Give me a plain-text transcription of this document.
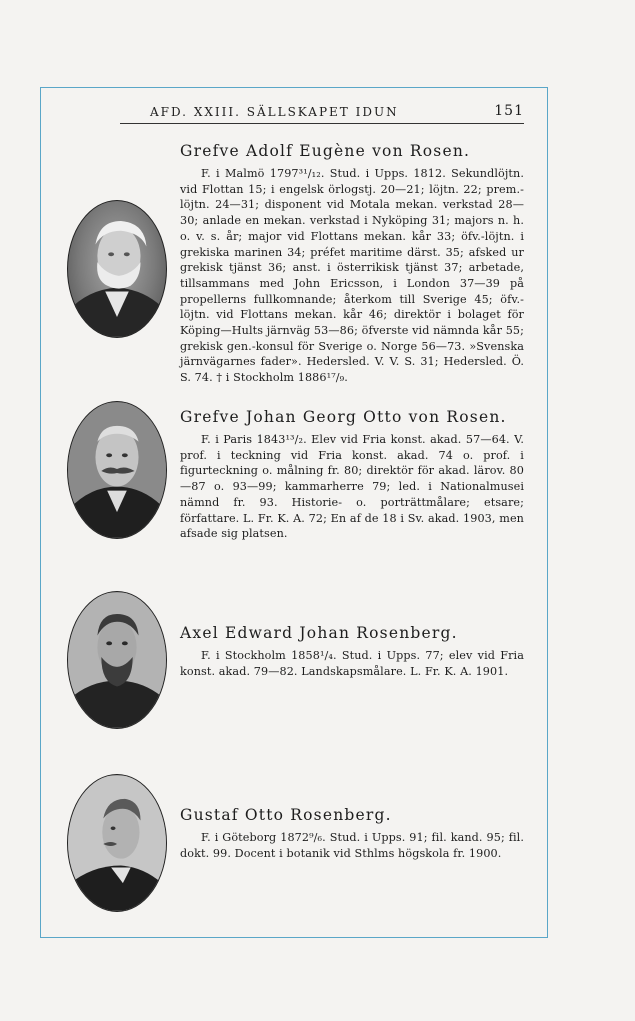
AFD. XXIII. SÄLLSKAPET IDUN	151
Grefve Adolf Eugène von Rosen.

F. i Malmö 1797³¹/₁₂. Stud. i Upps. 1812. Sekundlöjtn. vid Flottan 15; i engelsk örlogstj. 20—21; löjtn. 22; prem.-löjtn. 24—31; disponent vid Motala mekan. verkstad 28—30; anlade en mekan. verkstad i Nyköping 31; majors n. h. o. v. s. år; major vid Flottans mekan. kår 33; öfv.-löjtn. i grekiska marinen 34; préfet maritime därst. 35; afsked ur grekisk tjänst 36; anst. i österrikisk tjänst 37; arbetade, tillsammans med John Ericsson, i London 37—39 på propellerns fullkomnande; återkom till Sverige 45; öfv.-löjtn. vid Flottans mekan. kår 46; direktör i bolaget för Köping—Hults järnväg 53—86; öfverste vid nämnda kår 55; grekisk gen.-konsul för Sverige o. Norge 56—73. »Svenska järnvägarnes fader». Hedersled. V. V. S. 31; Hedersled. Ö. S. 74. † i Stockholm 1886¹⁷/₉.

Grefve Johan Georg Otto von Rosen.

F. i Paris 1843¹³/₂. Elev vid Fria konst. akad. 57—64. V. prof. i teckning vid Fria konst. akad. 74 o. prof. i figurteckning o. målning fr. 80; direktör för akad. lärov. 80—87 o. 93—99; kammarherre 79; led. i Nationalmusei nämnd fr. 93. Historie- o. porträttmålare; etsare; författare. L. Fr. K. A. 72; En af de 18 i Sv. akad. 1903, men afsade sig platsen.

Axel Edward Johan Rosenberg.

F. i Stockholm 1858¹/₄. Stud. i Upps. 77; elev vid Fria konst. akad. 79—82. Landskapsmålare. L. Fr. K. A. 1901.

Gustaf Otto Rosenberg.

F. i Göteborg 1872⁹/₆. Stud. i Upps. 91; fil. kand. 95; fil. dokt. 99. Docent i botanik vid Sthlms högskola fr. 1900.
